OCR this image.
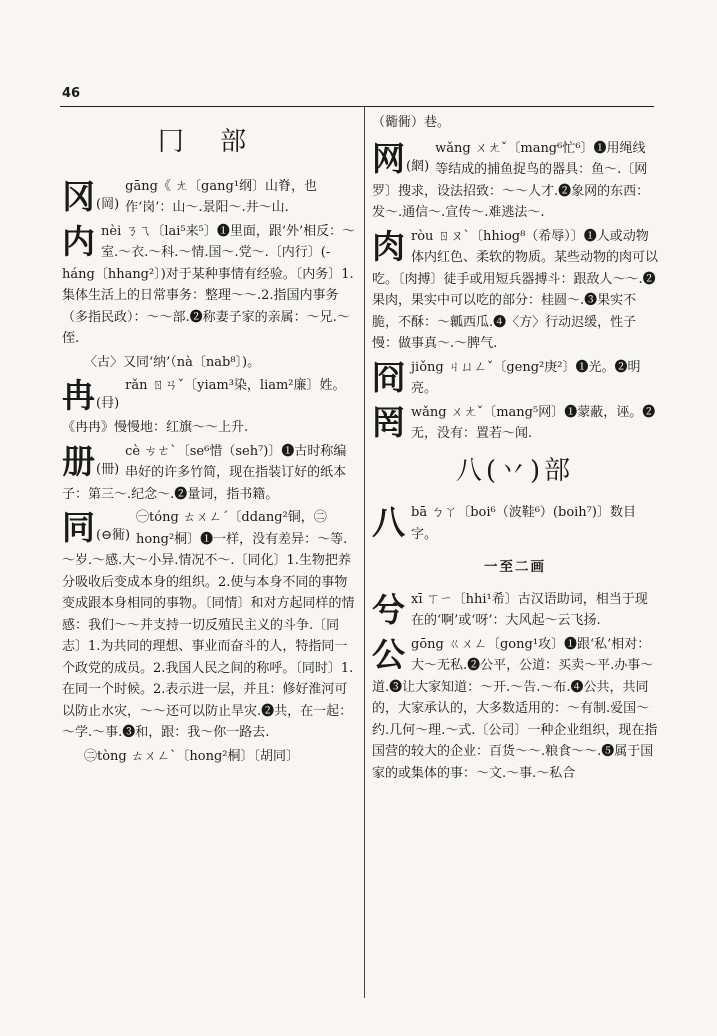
46
冂 部
冈 (岡)
gāng《 ㄤ〔gang¹纲〕山脊，也作‘岗’：山～.景阳～.井～山.
内 nèi ㄋㄟ〔lai⁵来⁵〕❶里面，跟‘外’相反：～室.～衣.～科.～情.国～.党～.〔内行〕(-háng〔hhang²〕)对于某种事情有经验。〔内务〕1.集体生活上的日常事务：整理～～.2.指国内事务（多指民政）：～～部.❷称妻子家的亲属：～兄.～侄.
〈古〉又同‘纳’（nà〔nab⁸〕)。
冉 (冄)
rǎn ㄖㄢˇ〔yiam³染，liam²廉〕姓。
《冉冉》慢慢地：红旗～～上升.
册 (冊)
cè ㄘㄜˋ〔se⁶惜（seh⁷)〕❶古时称编串好的许多竹简，现在指装订好的纸本子：第三～.纪念～.❷量词，指书籍。
同 (⊖衕)
㊀tóng ㄊㄨㄥˊ〔ddang²铜，㊁hong²桐〕❶一样，没有差异：～等.～岁.～感.大～小异.情况不～.〔同化〕1.生物把养分吸收后变成本身的组织。2.使与本身不同的事物变成跟本身相同的事物。〔同情〕和对方起同样的情感：我们～～并支持一切反殖民主义的斗争.〔同志〕1.为共同的理想、事业而奋斗的人，特指同一个政党的成员。2.我国人民之间的称呼。〔同时〕1.在同一个时候。2.表示进一层，并且：修好淮河可以防止水灾，～～还可以防止旱灾.❷共，在一起：～学.～事.❸和，跟：我～你一路去.
㊁tòng ㄊㄨㄥˋ〔hong²桐〕〔胡同〕
（衚衕）巷。
网 (網)
wǎng ㄨㄤˇ〔mang⁶忙⁶〕❶用绳线等结成的捕鱼捉鸟的器具：鱼～.〔网罗〕搜求，设法招致：～～人才.❷象网的东西：发～.通信～.宣传～.难逃法～.
肉 ròu ㄖㄡˋ〔hhiog⁸（希辱）〕❶人或动物体内红色、柔软的物质。某些动物的肉可以吃。〔肉搏〕徒手或用短兵器搏斗：跟敌人～～.❷果肉，果实中可以吃的部分：桂圆～.❸果实不脆，不酥：～瓤西瓜.❹〈方〉行动迟缓，性子慢：做事真～.～脾气.
冏 jiǒng ㄐㄩㄥˇ〔geng²庚²〕❶光。❷明亮。
罔 wǎng ㄨㄤˇ〔mang⁵网〕❶蒙蔽，诬。❷无，没有：置若～闻.
八(丷)部
八 bā ㄅㄚ〔boi⁶（波鞋⁶）(boih⁷)〕数目字。
一至二画
兮 xī ㄒㄧ〔hhi¹希〕古汉语助词，相当于现在的‘啊’或‘呀’：大风起～云飞扬.
公 gōng ㄍㄨㄥ〔gong¹攻〕❶跟‘私’相对：大～无私.❷公平，公道：买卖～平.办事～道.❸让大家知道：～开.～告.～布.❹公共，共同的，大家承认的，大多数适用的：～有制.爱国～约.几何～理.～式.〔公司〕一种企业组织，现在指国营的较大的企业：百货～～.粮食～～.❺属于国家的或集体的事：～文.～事.～私合
